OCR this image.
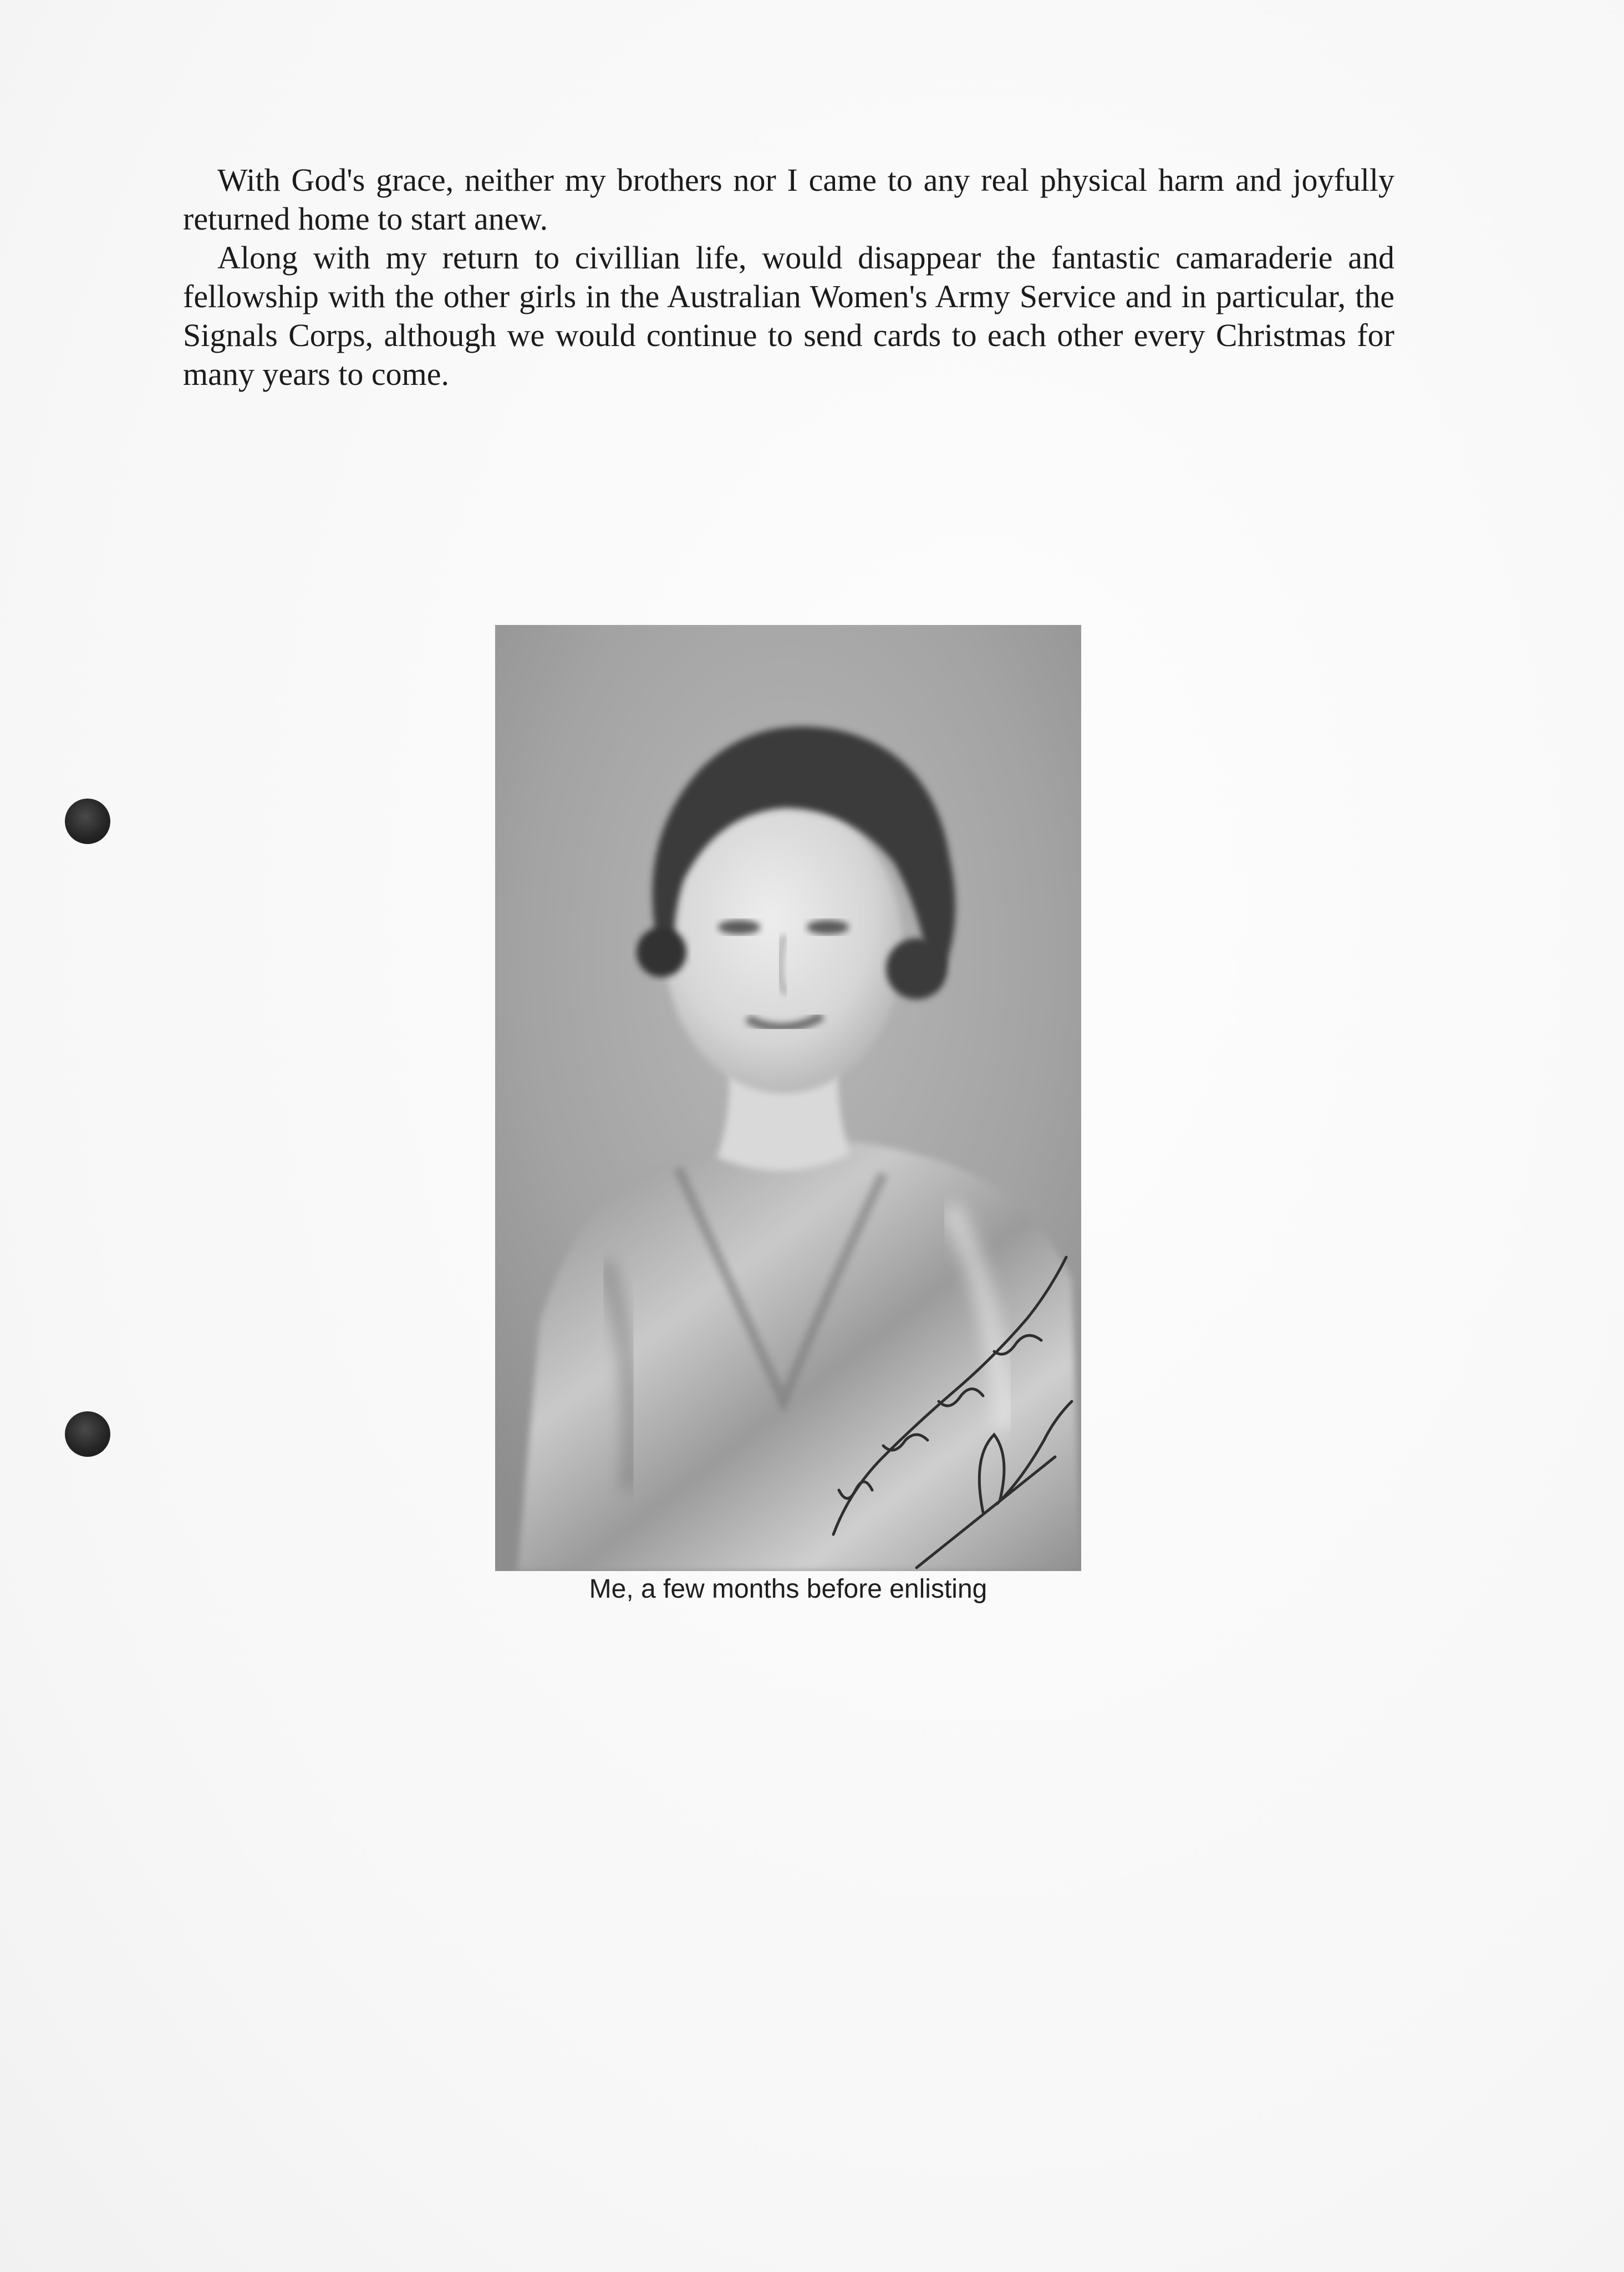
With God's grace, neither my brothers nor I came to any real physical harm and joyfully returned home to start anew.

Along with my return to civillian life, would disappear the fantastic camaraderie and fellowship with the other girls in the Australian Women's Army Service and in particular, the Signals Corps, although we would continue to send cards to each other every Christmas for many years to come.

Me, a few months before enlisting
